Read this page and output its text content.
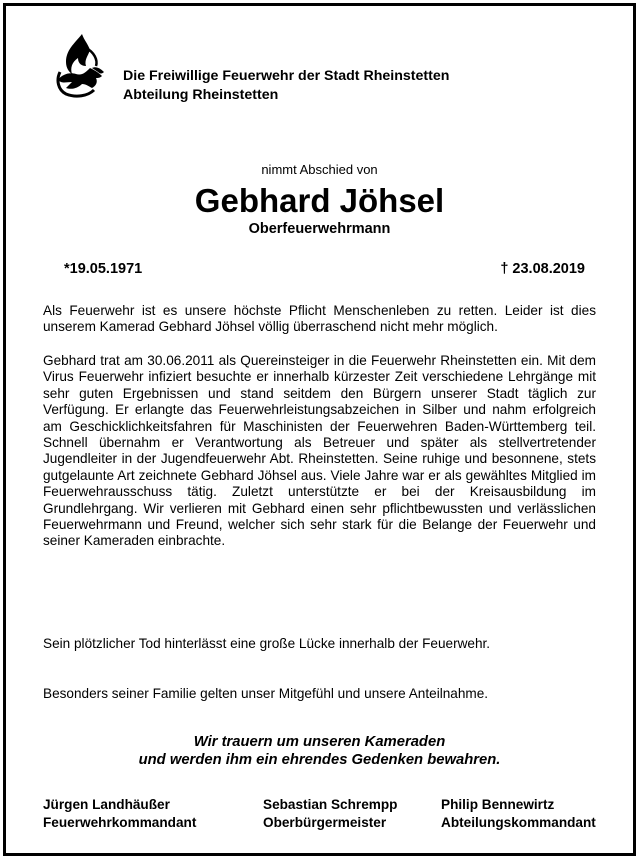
Die Freiwillige Feuerwehr der Stadt Rheinstetten
Abteilung Rheinstetten
nimmt Abschied von
Gebhard Jöhsel
Oberfeuerwehrmann
*19.05.1971	† 23.08.2019
Als Feuerwehr ist es unsere höchste Pflicht Menschenleben zu retten. Leider ist dies unserem Kamerad Gebhard Jöhsel völlig überraschend nicht mehr möglich.
Gebhard trat am 30.06.2011 als Quereinsteiger in die Feuerwehr Rheinstetten ein. Mit dem Virus Feuerwehr infiziert besuchte er innerhalb kürzester Zeit verschiedene Lehrgänge mit sehr guten Ergebnissen und stand seitdem den Bürgern unserer Stadt täglich zur Verfügung. Er erlangte das Feuerwehrleistungsabzeichen in Silber und nahm erfolgreich am Geschicklichkeitsfahren für Maschinisten der Feuerwehren Baden-Württemberg teil. Schnell übernahm er Verantwortung als Betreuer und später als stellvertretender Jugendleiter in der Jugendfeuerwehr Abt. Rheinstetten. Seine ruhige und besonnene, stets gutgelaunte Art zeichnete Gebhard Jöhsel aus. Viele Jahre war er als gewähltes Mitglied im Feuerwehrausschuss tätig. Zuletzt unterstützte er bei der Kreisausbildung im Grundlehrgang. Wir verlieren mit Gebhard einen sehr pflichtbewussten und verlässlichen Feuerwehrmann und Freund, welcher sich sehr stark für die Belange der Feuerwehr und seiner Kameraden einbrachte.
Sein plötzlicher Tod hinterlässt eine große Lücke innerhalb der Feuerwehr.
Besonders seiner Familie gelten unser Mitgefühl und unsere Anteilnahme.
Wir trauern um unseren Kameraden
und werden ihm ein ehrendes Gedenken bewahren.
Jürgen Landhäußer
Feuerwehrkommandant
Sebastian Schrempp
Oberbürgermeister
Philip Bennewirtz
Abteilungskommandant
